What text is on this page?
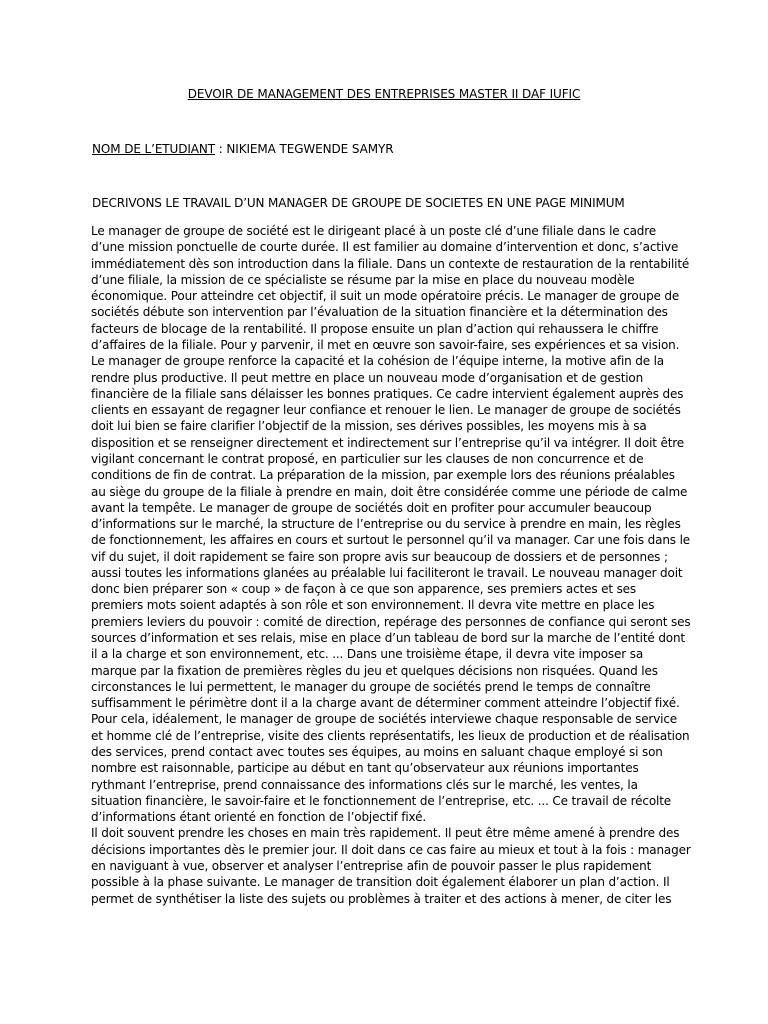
DEVOIR DE MANAGEMENT DES ENTREPRISES MASTER II DAF IUFIC
NOM DE L’ETUDIANT : NIKIEMA TEGWENDE SAMYR
DECRIVONS LE TRAVAIL D’UN MANAGER DE GROUPE DE SOCIETES EN UNE PAGE MINIMUM

Le manager de groupe de société est le dirigeant placé à un poste clé d’une filiale dans le cadre d’une mission ponctuelle de courte durée. Il est familier au domaine d’intervention et donc, s’active immédiatement dès son introduction dans la filiale. Dans un contexte de restauration de la rentabilité d’une filiale, la mission de ce spécialiste se résume par la mise en place du nouveau modèle économique. Pour atteindre cet objectif, il suit un mode opératoire précis. Le manager de groupe de sociétés débute son intervention par l’évaluation de la situation financière et la détermination des facteurs de blocage de la rentabilité. Il propose ensuite un plan d’action qui rehaussera le chiffre d’affaires de la filiale. Pour y parvenir, il met en œuvre son savoir-faire, ses expériences et sa vision. Le manager de groupe renforce la capacité et la cohésion de l’équipe interne, la motive afin de la rendre plus productive. Il peut mettre en place un nouveau mode d’organisation et de gestion financière de la filiale sans délaisser les bonnes pratiques. Ce cadre intervient également auprès des clients en essayant de regagner leur confiance et renouer le lien. Le manager de groupe de sociétés doit lui bien se faire clarifier l’objectif de la mission, ses dérives possibles, les moyens mis à sa disposition et se renseigner directement et indirectement sur l’entreprise qu’il va intégrer. Il doit être vigilant concernant le contrat proposé, en particulier sur les clauses de non concurrence et de conditions de fin de contrat. La préparation de la mission, par exemple lors des réunions préalables au siège du groupe de la filiale à prendre en main, doit être considérée comme une période de calme avant la tempête. Le manager de groupe de sociétés doit en profiter pour accumuler beaucoup d’informations sur le marché, la structure de l’entreprise ou du service à prendre en main, les règles de fonctionnement, les affaires en cours et surtout le personnel qu’il va manager. Car une fois dans le vif du sujet, il doit rapidement se faire son propre avis sur beaucoup de dossiers et de personnes ; aussi toutes les informations glanées au préalable lui faciliteront le travail. Le nouveau manager doit donc bien préparer son « coup » de façon à ce que son apparence, ses premiers actes et ses premiers mots soient adaptés à son rôle et son environnement. Il devra vite mettre en place les premiers leviers du pouvoir : comité de direction, repérage des personnes de confiance qui seront ses sources d’information et ses relais, mise en place d’un tableau de bord sur la marche de l’entité dont il a la charge et son environnement, etc. ... Dans une troisième étape, il devra vite imposer sa marque par la fixation de premières règles du jeu et quelques décisions non risquées. Quand les circonstances le lui permettent, le manager du groupe de sociétés prend le temps de connaître suffisamment le périmètre dont il a la charge avant de déterminer comment atteindre l’objectif fixé.

Pour cela, idéalement, le manager de groupe de sociétés interviewe chaque responsable de service et homme clé de l’entreprise, visite des clients représentatifs, les lieux de production et de réalisation des services, prend contact avec toutes ses équipes, au moins en saluant chaque employé si son nombre est raisonnable, participe au début en tant qu’observateur aux réunions importantes rythmant l’entreprise, prend connaissance des informations clés sur le marché, les ventes, la situation financière, le savoir-faire et le fonctionnement de l’entreprise, etc. ... Ce travail de récolte d’informations étant orienté en fonction de l’objectif fixé.

Il doit souvent prendre les choses en main très rapidement. Il peut être même amené à prendre des décisions importantes dès le premier jour. Il doit dans ce cas faire au mieux et tout à la fois : manager en naviguant à vue, observer et analyser l’entreprise afin de pouvoir passer le plus rapidement possible à la phase suivante. Le manager de transition doit également élaborer un plan d’action. Il permet de synthétiser la liste des sujets ou problèmes à traiter et des actions à mener, de citer les
